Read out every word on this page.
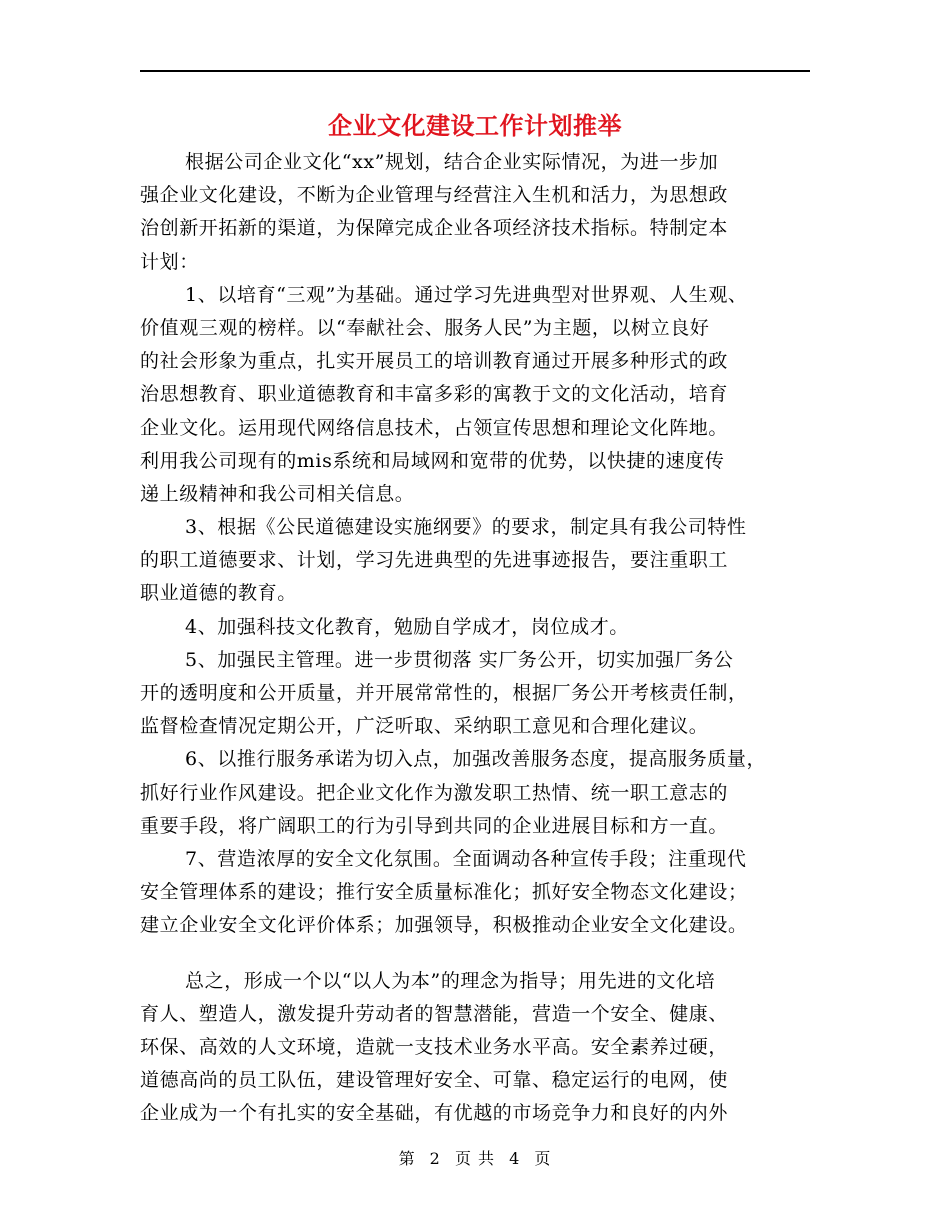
企业文化建设工作计划推举
根据公司企业文化“xx”规划，结合企业实际情况，为进一步加
强企业文化建设，不断为企业管理与经营注入生机和活力，为思想政
治创新开拓新的渠道，为保障完成企业各项经济技术指标。特制定本
计划：
1、以培育“三观”为基础。通过学习先进典型对世界观、人生观、
价值观三观的榜样。以“奉献社会、服务人民”为主题，以树立良好
的社会形象为重点，扎实开展员工的培训教育通过开展多种形式的政
治思想教育、职业道德教育和丰富多彩的寓教于文的文化活动，培育
企业文化。运用现代网络信息技术，占领宣传思想和理论文化阵地。
利用我公司现有的mis系统和局域网和宽带的优势，以快捷的速度传
递上级精神和我公司相关信息。
3、根据《公民道德建设实施纲要》的要求，制定具有我公司特性
的职工道德要求、计划，学习先进典型的先进事迹报告，要注重职工
职业道德的教育。
4、加强科技文化教育，勉励自学成才，岗位成才。
5、加强民主管理。进一步贯彻落 实厂务公开，切实加强厂务公
开的透明度和公开质量，并开展常常性的，根据厂务公开考核责任制，
监督检查情况定期公开，广泛听取、采纳职工意见和合理化建议。
6、以推行服务承诺为切入点，加强改善服务态度，提高服务质量，
抓好行业作风建设。把企业文化作为激发职工热情、统一职工意志的
重要手段，将广阔职工的行为引导到共同的企业进展目标和方一直。
7、营造浓厚的安全文化氛围。全面调动各种宣传手段；注重现代
安全管理体系的建设；推行安全质量标准化；抓好安全物态文化建设；
建立企业安全文化评价体系；加强领导，积极推动企业安全文化建设。
总之，形成一个以“以人为本”的理念为指导；用先进的文化培
育人、塑造人，激发提升劳动者的智慧潜能，营造一个安全、健康、
环保、高效的人文环境，造就一支技术业务水平高。安全素养过硬，
道德高尚的员工队伍，建设管理好安全、可靠、稳定运行的电网，使
企业成为一个有扎实的安全基础，有优越的市场竞争力和良好的内外
第 2 页 共 4 页
